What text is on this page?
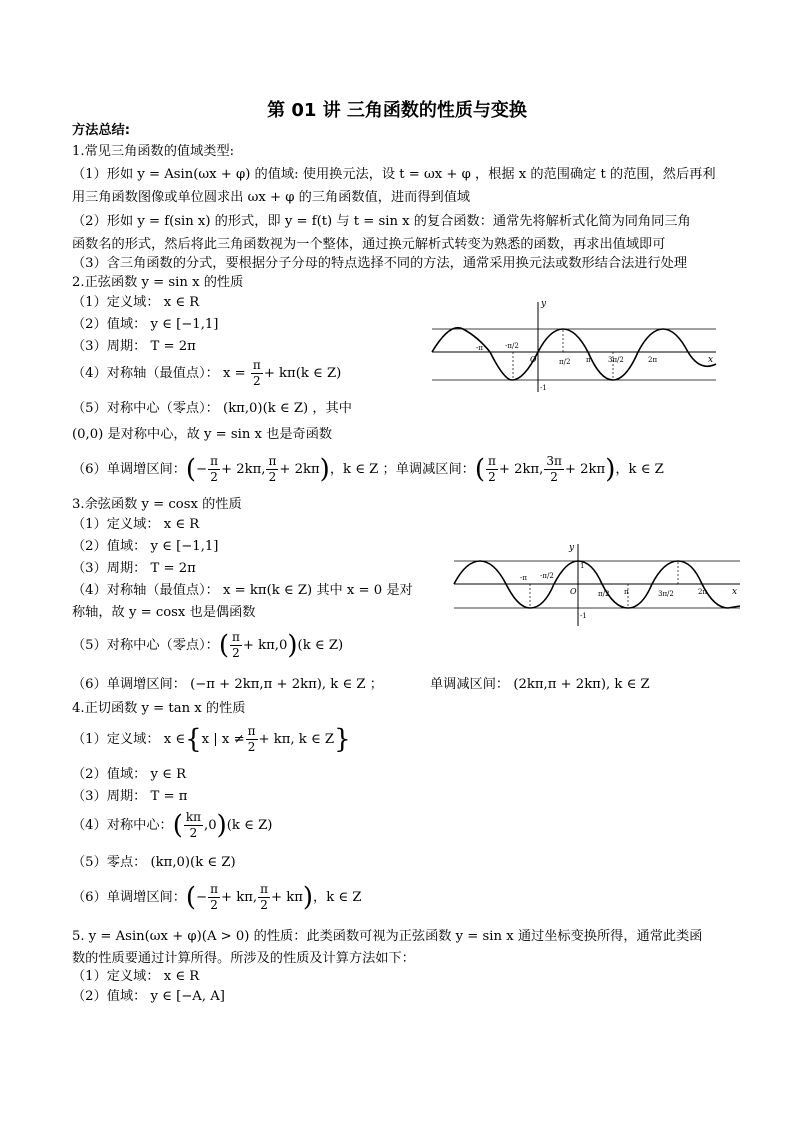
第 01 讲 三角函数的性质与变换
方法总结:
1.常见三角函数的值域类型:
（1）形如 y = Asin(ωx + φ) 的值域: 使用换元法，设 t = ωx + φ ，根据 x 的范围确定 t 的范围，然后再利
用三角函数图像或单位圆求出 ωx + φ 的三角函数值，进而得到值域
（2）形如 y = f(sin x) 的形式，即 y = f(t) 与 t = sin x 的复合函数：通常先将解析式化简为同角同三角
函数名的形式，然后将此三角函数视为一个整体，通过换元解析式转变为熟悉的函数，再求出值域即可
（3）含三角函数的分式，要根据分子分母的特点选择不同的方法，通常采用换元法或数形结合法进行处理
2.正弦函数 y = sin x 的性质
（1）定义域： x ∈ R
（2）值域： y ∈ [−1,1]
（3）周期： T = 2π
（4）对称轴（最值点）： $x = \frac{\pi}{2} + k\pi(k$ ∈ Z)
（5）对称中心（零点）： (kπ,0)(k ∈ Z) ，其中
(0,0) 是对称中心，故 y = sin x 也是奇函数
（6）单调增区间：(− $\frac{\pi}{2} + 2k\pi$, $\frac{\pi}{2} + 2k\pi$)，k ∈ Z ；单调减区间：( $\frac{\pi}{2} + 2k\pi$, $\frac{3\pi}{2} + 2k\pi$)，k ∈ Z
3.余弦函数 y = cosx 的性质
（1）定义域： x ∈ R
（2）值域： y ∈ [−1,1]
（3）周期： T = 2π
（4）对称轴（最值点）： x = kπ(k ∈ Z) 其中 x = 0 是对
称轴，故 y = cosx 也是偶函数
（5）对称中心（零点）：( $\frac{\pi}{2} + k\pi,0)(k$ ∈ Z)
（6）单调增区间： (−π + 2kπ,π + 2kπ), k ∈ Z ；	单调减区间： (2kπ,π + 2kπ), k ∈ Z
4.正切函数 y = tan x 的性质
（1）定义域： x ∈{x | $x \ne \frac{\pi}{2} + k\pi$, k ∈ Z}
（2）值域： y ∈ R
（3）周期： T = π
（4）对称中心：( $\frac{k\pi}{2} ,0)(k$ ∈ Z)
（5）零点： (kπ,0)(k ∈ Z)
（6）单调增区间：(− $\frac{\pi}{2} + k\pi$, $\frac{\pi}{2} + k\pi$)，k ∈ Z
5. y = Asin(ωx + φ)(A > 0) 的性质：此类函数可视为正弦函数 y = sin x 通过坐标变换所得，通常此类函
数的性质要通过计算所得。所涉及的性质及计算方法如下：
（1）定义域： x ∈ R
（2）值域： y ∈ [−A, A]
y
x
O
-1
-π	-π/2
π/2 π 3π/2	2π
y
x
O
1
-1
-π -π/2
π/2 π	3π/2	2π
